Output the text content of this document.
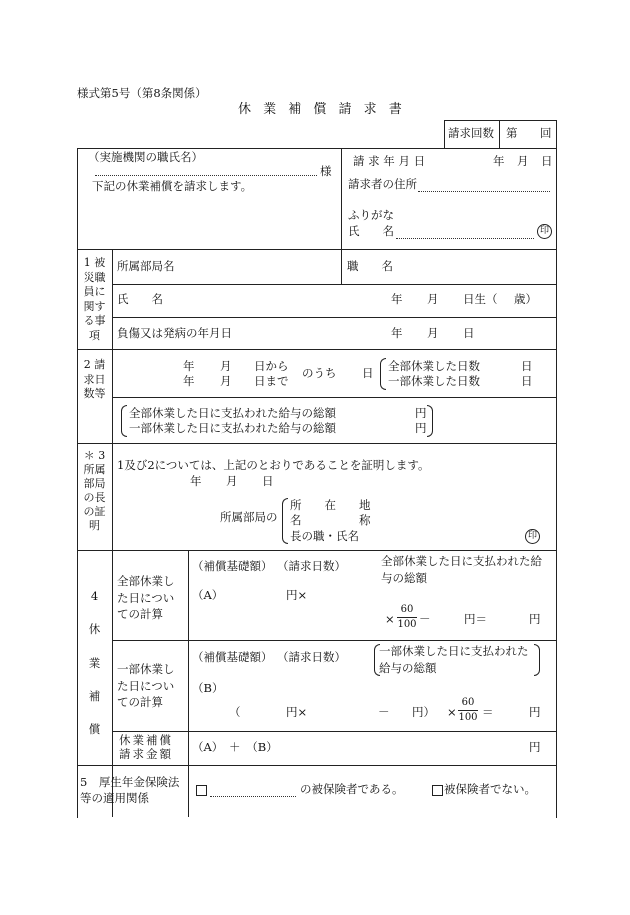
様式第5号（第8条関係）
休 業 補 償 請 求 書
請求回数 第 回
（実施機関の職氏名）
様
下記の休業補償を請求します。
請 求 年 月 日	年 月 日
請求者の住所
ふりがな
氏　　名	印
1 被災職員に関する事項
所属部局名	職　　名
氏　　名	年 月 日生（ 歳）
負傷又は発病の年月日	年 月 日
2 請求日数等
年 月 日から
年 月 日まで
のうち 日 全部休業した日数	日
一部休業した日数	日
全部休業した日に支払われた給与の総額	円
一部休業した日に支払われた給与の総額	円
＊ 3 所属部局の長の証明
1及び2については、上記のとおりであることを証明します。
年 月 日
所属部局の
所　　在　　地
名　　　　　称
長の職・氏名	印
4 休業補償
全部休業した日についての計算
（補償基礎額） （請求日数）	全部休業した日に支払われた給与の総額
（A）	円×
× $\frac{60}{100}$ －	円＝	円
一部休業した日についての計算
（補償基礎額） （請求日数）	一部休業した日に支払われた給与の総額
（B）
（	円×	－ 円） × $\frac{60}{100}$ ＝	円
休業補償請求金額
（A）　＋　（B）	円
5　厚生年金保険法等の適用関係
の被保険者である。	被保険者でない。
